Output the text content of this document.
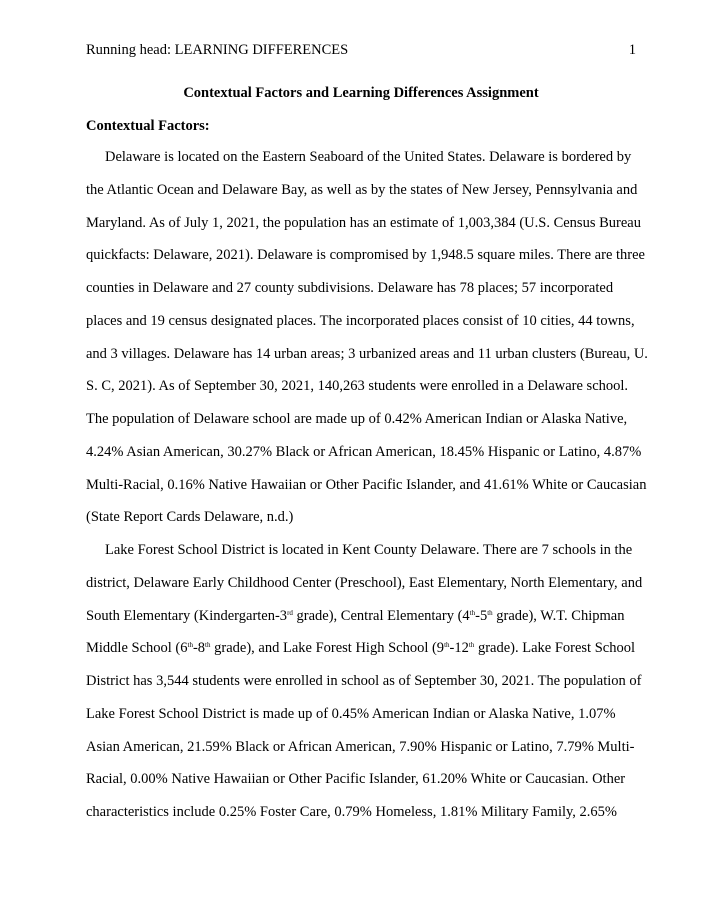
Running head: LEARNING DIFFERENCES	1
Contextual Factors and Learning Differences Assignment
Contextual Factors:

Delaware is located on the Eastern Seaboard of the United States. Delaware is bordered by
the Atlantic Ocean and Delaware Bay, as well as by the states of New Jersey, Pennsylvania and
Maryland. As of July 1, 2021, the population has an estimate of 1,003,384 (U.S. Census Bureau
quickfacts: Delaware, 2021). Delaware is compromised by 1,948.5 square miles. There are three
counties in Delaware and 27 county subdivisions. Delaware has 78 places; 57 incorporated
places and 19 census designated places. The incorporated places consist of 10 cities, 44 towns,
and 3 villages. Delaware has 14 urban areas; 3 urbanized areas and 11 urban clusters (Bureau, U.
S. C, 2021). As of September 30, 2021, 140,263 students were enrolled in a Delaware school.
The population of Delaware school are made up of 0.42% American Indian or Alaska Native,
4.24% Asian American, 30.27% Black or African American, 18.45% Hispanic or Latino, 4.87%
Multi-Racial, 0.16% Native Hawaiian or Other Pacific Islander, and 41.61% White or Caucasian
(State Report Cards Delaware, n.d.)

Lake Forest School District is located in Kent County Delaware. There are 7 schools in the
district, Delaware Early Childhood Center (Preschool), East Elementary, North Elementary, and
South Elementary (Kindergarten-3rd grade), Central Elementary (4th-5th grade), W.T. Chipman
Middle School (6th-8th grade), and Lake Forest High School (9th-12th grade). Lake Forest School
District has 3,544 students were enrolled in school as of September 30, 2021. The population of
Lake Forest School District is made up of 0.45% American Indian or Alaska Native, 1.07%
Asian American, 21.59% Black or African American, 7.90% Hispanic or Latino, 7.79% Multi-
Racial, 0.00% Native Hawaiian or Other Pacific Islander, 61.20% White or Caucasian. Other
characteristics include 0.25% Foster Care, 0.79% Homeless, 1.81% Military Family, 2.65%
